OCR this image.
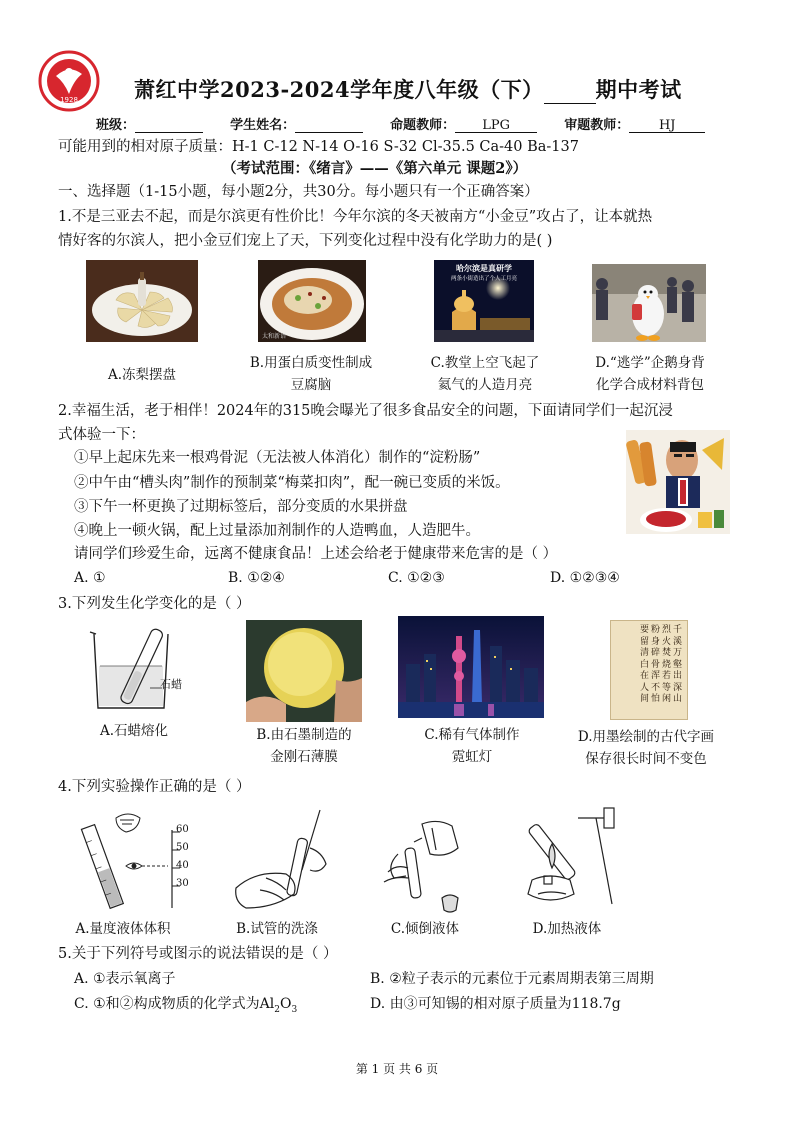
1928	萧红中学2023-2024学年度八年级（下） 期中考试
班级：	学生姓名：	命题教师： LPG	审题教师： HJ
可能用到的相对原子质量：H-1 C-12 N-14 O-16 S-32 Cl-35.5 Ca-40 Ba-137
（考试范围：《绪言》——《第六单元 课题2》）
一、选择题（1-15小题，每小题2分，共30分。每小题只有一个正确答案）
1.不是三亚去不起，而是尔滨更有性价比！今年尔滨的冬天被南方“小金豆”攻占了，让本就热
情好客的尔滨人，把小金豆们宠上了天，下列变化过程中没有化学助力的是( )
太和新语
哈尔滨是真研学
两条小街造出了个人工月亮
A.冻梨摆盘
B.用蛋白质变性制成
豆腐脑
C.教堂上空飞起了
氦气的人造月亮
D.“逃学”企鹅身背
化学合成材料背包
2.幸福生活，老于相伴！2024年的315晚会曝光了很多食品安全的问题，下面请同学们一起沉浸
式体验一下：
①早上起床先来一根鸡骨泥（无法被人体消化）制作的“淀粉肠”
②中午由“槽头肉”制作的预制菜“梅菜扣肉”，配一碗已变质的米饭。
③下午一杯更换了过期标签后，部分变质的水果拼盘
④晚上一顿火锅，配上过量添加剂制作的人造鸭血，人造肥牛。
请同学们珍爱生命，远离不健康食品！上述会给老于健康带来危害的是（ ）
A. ①	B. ①②④	C. ①②③	D. ①②③④
3.下列发生化学变化的是（ ）
石蜡
千
溪
万
壑
出
深
山
烈
火
焚
烧
若
等
闲
粉
身
碎
骨
浑
不
怕
要
留
清
白
在
人
间
A.石蜡熔化	B.由石墨制造的
金刚石薄膜
C.稀有气体制作
霓虹灯
D.用墨绘制的古代字画
保存很长时间不变色
4.下列实验操作正确的是（ ）
60
50
40
30
A.量度液体体积	B.试管的洗涤	C.倾倒液体	D.加热液体
5.关于下列符号或图示的说法错误的是（ ）
A. ①表示氧离子	B. ②粒子表示的元素位于元素周期表第三周期
C. ①和②构成物质的化学式为$Al_2O_3$	D. 由③可知锡的相对原子质量为118.7g
第 1 页 共 6 页
